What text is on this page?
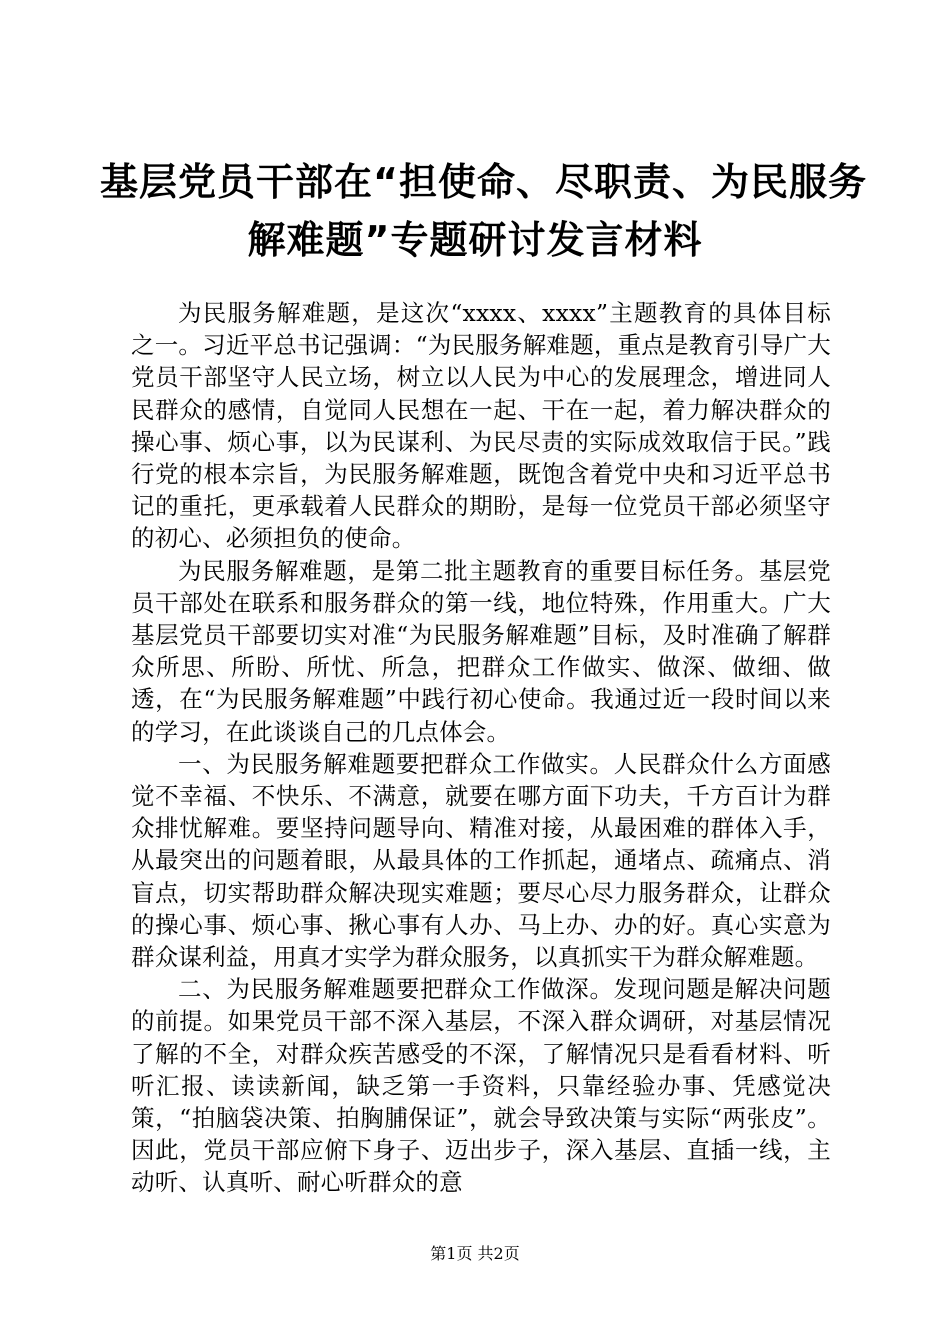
基层党员干部在“担使命、尽职责、为民服务
解难题”专题研讨发言材料

为民服务解难题，是这次“xxxx、xxxx”主题教育的具体目标之一。习近平总书记强调：“为民服务解难题，重点是教育引导广大党员干部坚守人民立场，树立以人民为中心的发展理念，增进同人民群众的感情，自觉同人民想在一起、干在一起，着力解决群众的操心事、烦心事，以为民谋利、为民尽责的实际成效取信于民。”践行党的根本宗旨，为民服务解难题，既饱含着党中央和习近平总书记的重托，更承载着人民群众的期盼，是每一位党员干部必须坚守的初心、必须担负的使命。

为民服务解难题，是第二批主题教育的重要目标任务。基层党员干部处在联系和服务群众的第一线，地位特殊，作用重大。广大基层党员干部要切实对准“为民服务解难题”目标，及时准确了解群众所思、所盼、所忧、所急，把群众工作做实、做深、做细、做透，在“为民服务解难题”中践行初心使命。我通过近一段时间以来的学习，在此谈谈自己的几点体会。

一、为民服务解难题要把群众工作做实。人民群众什么方面感觉不幸福、不快乐、不满意，就要在哪方面下功夫，千方百计为群众排忧解难。要坚持问题导向、精准对接，从最困难的群体入手，从最突出的问题着眼，从最具体的工作抓起，通堵点、疏痛点、消盲点，切实帮助群众解决现实难题；要尽心尽力服务群众，让群众的操心事、烦心事、揪心事有人办、马上办、办的好。真心实意为群众谋利益，用真才实学为群众服务，以真抓实干为群众解难题。

二、为民服务解难题要把群众工作做深。发现问题是解决问题的前提。如果党员干部不深入基层，不深入群众调研，对基层情况了解的不全，对群众疾苦感受的不深，了解情况只是看看材料、听听汇报、读读新闻，缺乏第一手资料，只靠经验办事、凭感觉决策，“拍脑袋决策、拍胸脯保证”，就会导致决策与实际“两张皮”。因此，党员干部应俯下身子、迈出步子，深入基层、直插一线，主动听、认真听、耐心听群众的意

第1页 共2页
